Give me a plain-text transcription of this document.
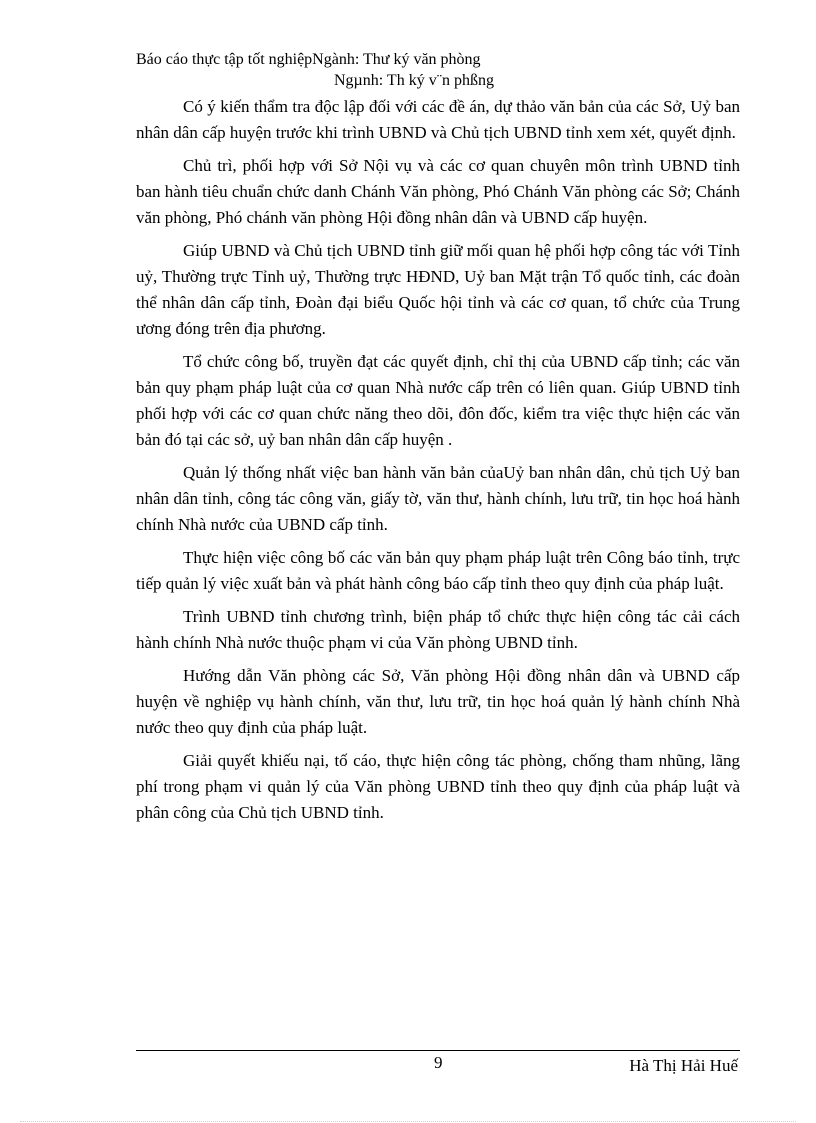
Báo cáo thực tập tốt nghiệpNgành: Thư ký văn phòng
Ngµnh: Th ký v¨n phßng

Có ý kiến thẩm tra độc lập đối với các đề án, dự thảo văn bản của các Sở, Uỷ ban nhân dân cấp huyện trước khi trình UBND và Chủ tịch UBND tỉnh xem xét, quyết định.

Chủ trì, phối hợp với Sở Nội vụ và các cơ quan chuyên môn trình UBND tỉnh ban hành tiêu chuẩn chức danh Chánh Văn phòng, Phó Chánh Văn phòng các Sở; Chánh văn phòng, Phó chánh văn phòng Hội đồng nhân dân và UBND cấp huyện.

Giúp UBND và Chủ tịch UBND tỉnh giữ mối quan hệ phối hợp công tác với Tỉnh uỷ, Thường trực Tỉnh uỷ, Thường trực HĐND, Uỷ ban Mặt trận Tổ quốc tỉnh, các đoàn thể nhân dân cấp tỉnh, Đoàn đại biểu Quốc hội tỉnh và các cơ quan, tổ chức của Trung ương đóng trên địa phương.

Tổ chức công bố, truyền đạt các quyết định, chỉ thị của UBND cấp tỉnh; các văn bản quy phạm pháp luật của cơ quan Nhà nước cấp trên có liên quan. Giúp UBND tỉnh phối hợp với các cơ quan chức năng theo dõi, đôn đốc, kiểm tra việc thực hiện các văn bản đó tại các sở, uỷ ban nhân dân cấp huyện .

Quản lý thống nhất việc ban hành văn bản củaUỷ ban nhân dân, chủ tịch Uỷ ban nhân dân tỉnh, công tác công văn, giấy tờ, văn thư, hành chính, lưu trữ, tin học hoá hành chính Nhà nước của UBND cấp tỉnh.

Thực hiện việc công bố các văn bản quy phạm pháp luật trên Công báo tỉnh, trực tiếp quản lý việc xuất bản và phát hành công báo cấp tỉnh theo quy định của pháp luật.

Trình UBND tỉnh chương trình, biện pháp tổ chức thực hiện công tác cải cách hành chính Nhà nước thuộc phạm vi của Văn phòng UBND tỉnh.

Hướng dẫn Văn phòng các Sở, Văn phòng Hội đồng nhân dân và UBND cấp huyện về nghiệp vụ hành chính, văn thư, lưu trữ, tin học hoá quản lý hành chính Nhà nước theo quy định của pháp luật.

Giải quyết khiếu nại, tố cáo, thực hiện công tác phòng, chống tham nhũng, lãng phí trong phạm vi quản lý của Văn phòng UBND tỉnh theo quy định của pháp luật và phân công của Chủ tịch UBND tỉnh.

9	Hà Thị Hải Huế
